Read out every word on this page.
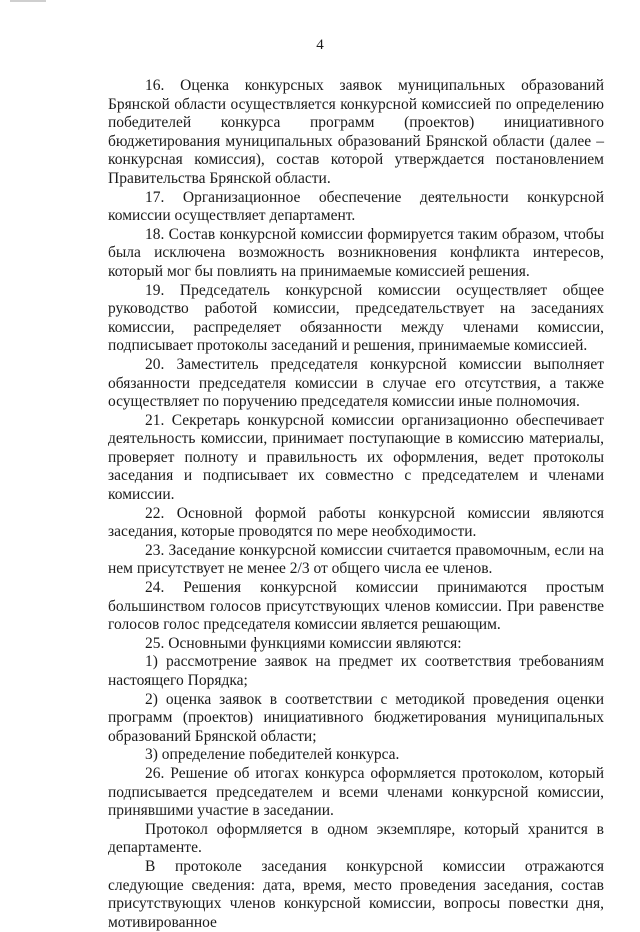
4

16. Оценка конкурсных заявок муниципальных образований Брянской области осуществляется конкурсной комиссией по определению победителей конкурса программ (проектов) инициативного бюджетирования муниципальных образований Брянской области (далее – конкурсная комиссия), состав которой утверждается постановлением Правительства Брянской области.

17. Организационное обеспечение деятельности конкурсной комиссии осуществляет департамент.

18. Состав конкурсной комиссии формируется таким образом, чтобы была исключена возможность возникновения конфликта интересов, который мог бы повлиять на принимаемые комиссией решения.

19. Председатель конкурсной комиссии осуществляет общее руководство работой комиссии, председательствует на заседаниях комиссии, распределяет обязанности между членами комиссии, подписывает протоколы заседаний и решения, принимаемые комиссией.

20. Заместитель председателя конкурсной комиссии выполняет обязанности председателя комиссии в случае его отсутствия, а также осуществляет по поручению председателя комиссии иные полномочия.

21. Секретарь конкурсной комиссии организационно обеспечивает деятельность комиссии, принимает поступающие в комиссию материалы, проверяет полноту и правильность их оформления, ведет протоколы заседания и подписывает их совместно с председателем и членами комиссии.

22. Основной формой работы конкурсной комиссии являются заседания, которые проводятся по мере необходимости.

23. Заседание конкурсной комиссии считается правомочным, если на нем присутствует не менее 2/3 от общего числа ее членов.

24. Решения конкурсной комиссии принимаются простым большинством голосов присутствующих членов комиссии. При равенстве голосов голос председателя комиссии является решающим.

25. Основными функциями комиссии являются:

1) рассмотрение заявок на предмет их соответствия требованиям настоящего Порядка;

2) оценка заявок в соответствии с методикой проведения оценки программ (проектов) инициативного бюджетирования муниципальных образований Брянской области;

3) определение победителей конкурса.

26. Решение об итогах конкурса оформляется протоколом, который подписывается председателем и всеми членами конкурсной комиссии, принявшими участие в заседании.

Протокол оформляется в одном экземпляре, который хранится в департаменте.

В протоколе заседания конкурсной комиссии отражаются следующие сведения: дата, время, место проведения заседания, состав присутствующих членов конкурсной комиссии, вопросы повестки дня, мотивированное
